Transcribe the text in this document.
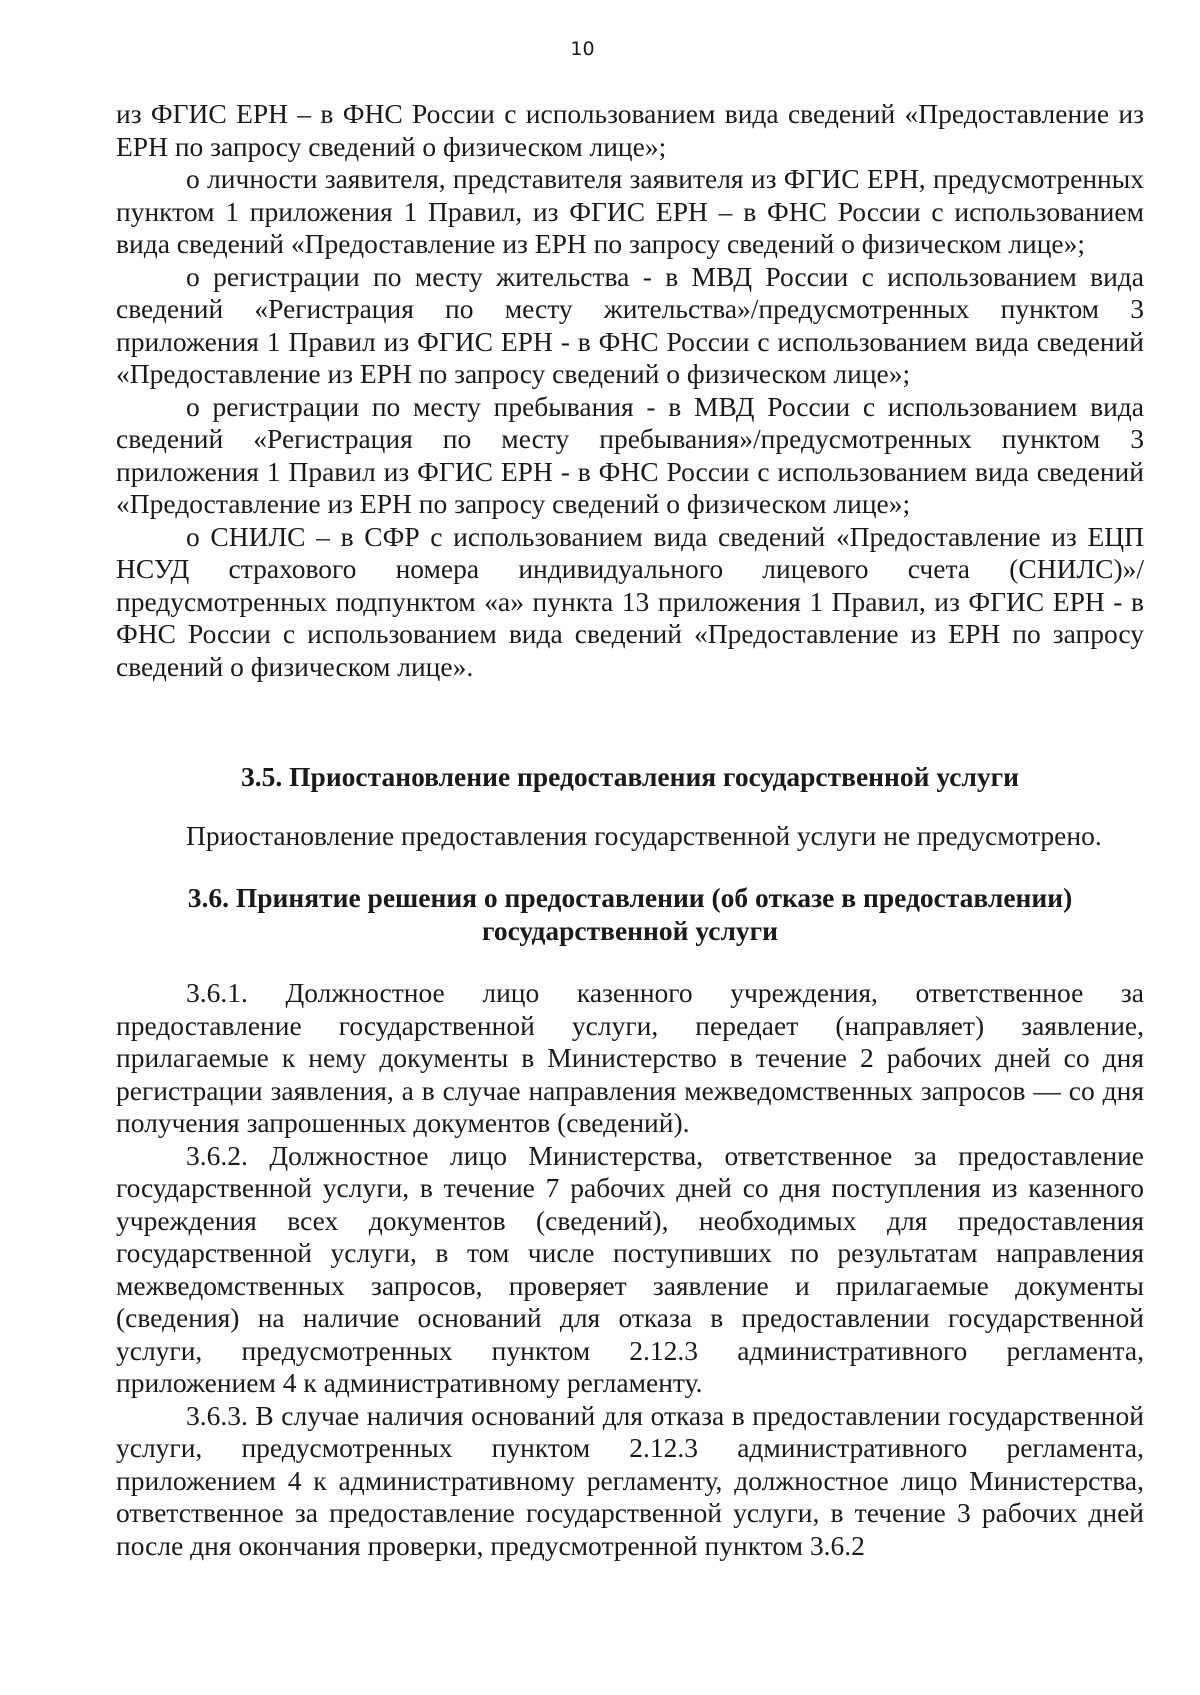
10

из ФГИС ЕРН – в ФНС России с использованием вида сведений «Предоставление из ЕРН по запросу сведений о физическом лице»;

о личности заявителя, представителя заявителя из ФГИС ЕРН, предусмотренных пунктом 1 приложения 1 Правил, из ФГИС ЕРН – в ФНС России с использованием вида сведений «Предоставление из ЕРН по запросу сведений о физическом лице»;

о регистрации по месту жительства - в МВД России с использованием вида сведений «Регистрация по месту жительства»/предусмотренных пунктом 3 приложения 1 Правил из ФГИС ЕРН - в ФНС России с использованием вида сведений «Предоставление из ЕРН по запросу сведений о физическом лице»;

о регистрации по месту пребывания - в МВД России с использованием вида сведений «Регистрация по месту пребывания»/предусмотренных пунктом 3 приложения 1 Правил из ФГИС ЕРН - в ФНС России с использованием вида сведений «Предоставление из ЕРН по запросу сведений о физическом лице»;

о СНИЛС – в СФР с использованием вида сведений «Предоставление из ЕЦП НСУД страхового номера индивидуального лицевого счета (СНИЛС)»/предусмотренных подпунктом «а» пункта 13 приложения 1 Правил, из ФГИС ЕРН - в ФНС России с использованием вида сведений «Предоставление из ЕРН по запросу сведений о физическом лице».

3.5. Приостановление предоставления государственной услуги

Приостановление предоставления государственной услуги не предусмотрено.

3.6. Принятие решения о предоставлении (об отказе в предоставлении)

государственной услуги

3.6.1. Должностное лицо казенного учреждения, ответственное за предоставление государственной услуги, передает (направляет) заявление, прилагаемые к нему документы в Министерство в течение 2 рабочих дней со дня регистрации заявления, а в случае направления межведомственных запросов — со дня получения запрошенных документов (сведений).

3.6.2. Должностное лицо Министерства, ответственное за предоставление государственной услуги, в течение 7 рабочих дней со дня поступления из казенного учреждения всех документов (сведений), необходимых для предоставления государственной услуги, в том числе поступивших по результатам направления межведомственных запросов, проверяет заявление и прилагаемые документы (сведения) на наличие оснований для отказа в предоставлении государственной услуги, предусмотренных пунктом 2.12.3 административного регламента, приложением 4 к административному регламенту.

3.6.3. В случае наличия оснований для отказа в предоставлении государственной услуги, предусмотренных пунктом 2.12.3 административного регламента, приложением 4 к административному регламенту, должностное лицо Министерства, ответственное за предоставление государственной услуги, в течение 3 рабочих дней после дня окончания проверки, предусмотренной пунктом 3.6.2
